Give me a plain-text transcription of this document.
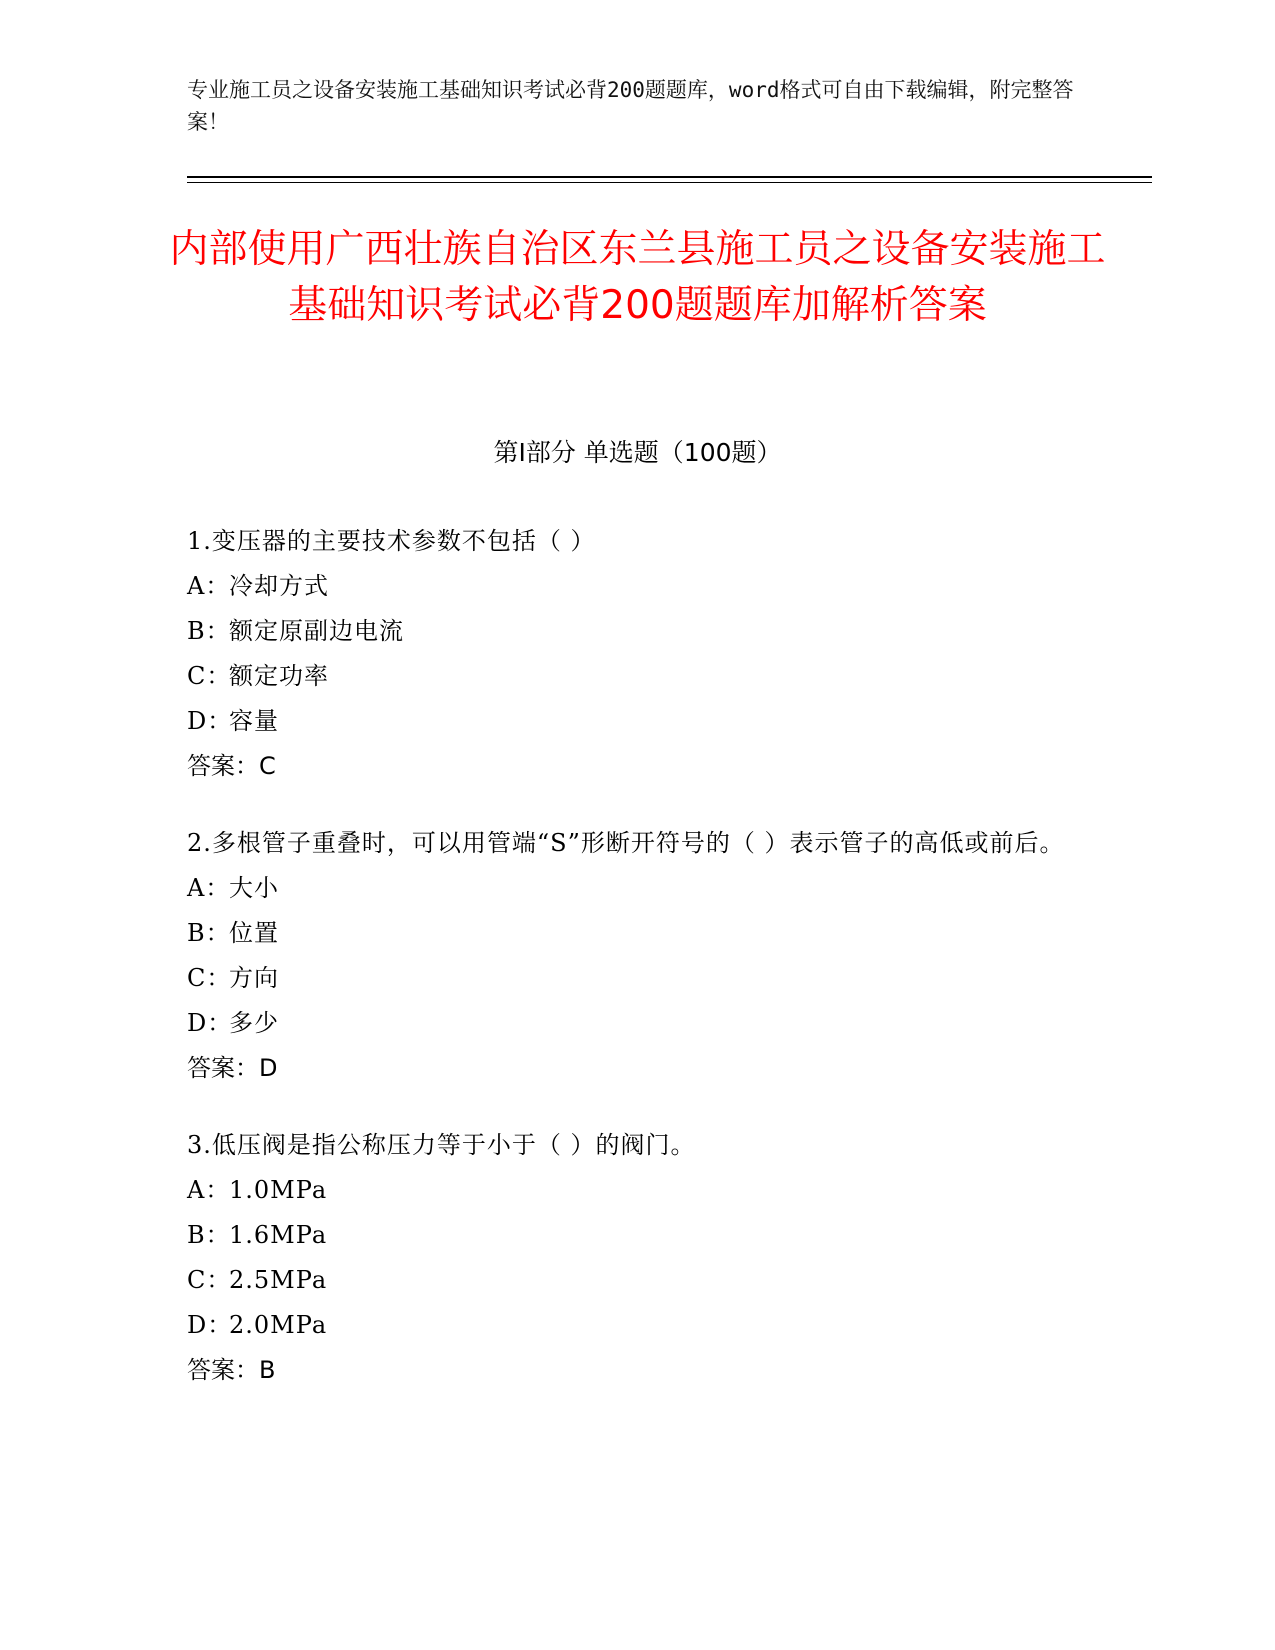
专业施工员之设备安装施工基础知识考试必背200题题库，word格式可自由下载编辑，附完整答案！
内部使用广西壮族自治区东兰县施工员之设备安装施工基础知识考试必背200题题库加解析答案
第I部分 单选题（100题）

1.变压器的主要技术参数不包括（ ）

A：冷却方式

B：额定原副边电流

C：额定功率

D：容量

答案：C

2.多根管子重叠时，可以用管端“S”形断开符号的（ ）表示管子的高低或前后。

A：大小

B：位置

C：方向

D：多少

答案：D

3.低压阀是指公称压力等于小于（ ）的阀门。

A：1.0MPa

B：1.6MPa

C：2.5MPa

D：2.0MPa

答案：B
